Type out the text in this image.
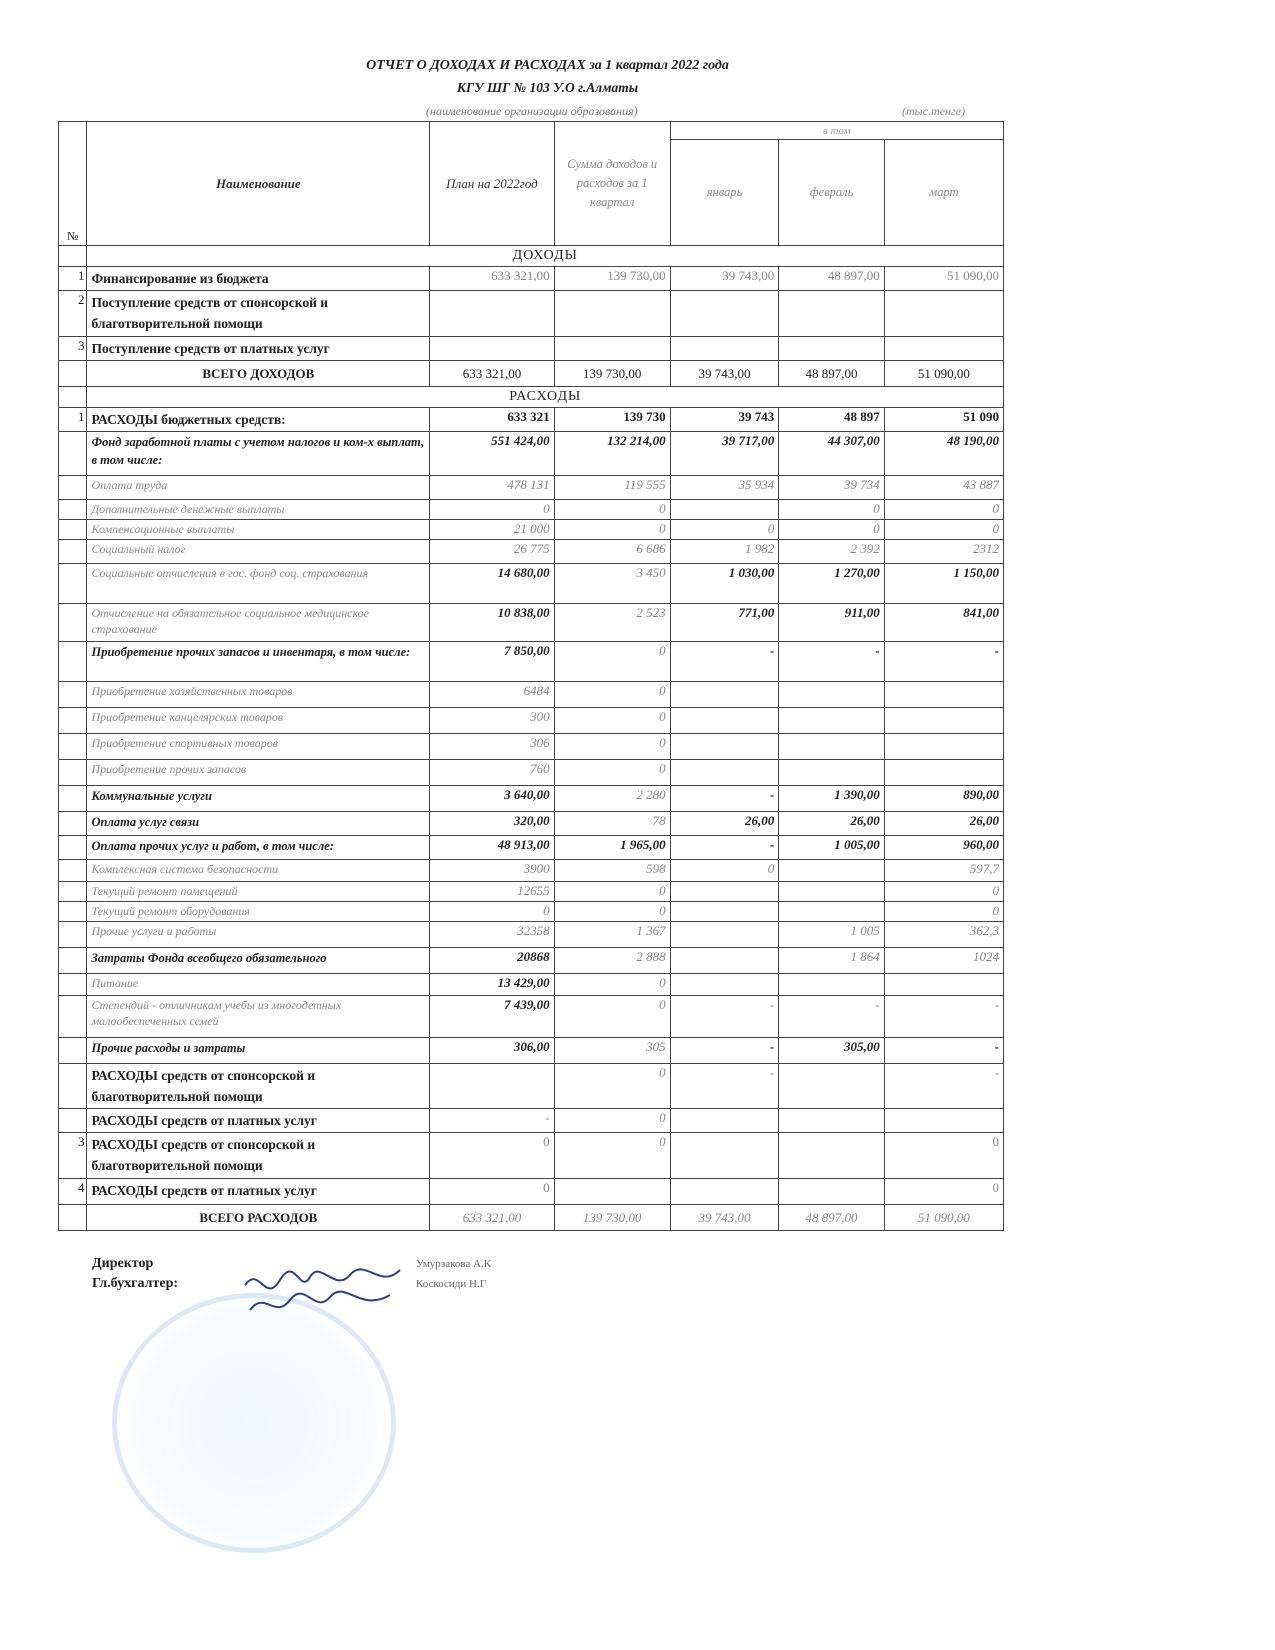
ОТЧЕТ О ДОХОДАХ И РАСХОДАХ за 1 квартал 2022 года
КГУ ШГ № 103 У.О г.Алматы
(наименование организации образования)	(тыс.тенге)
№	Наименование	План на 2022год	Сумма доходов и расходов за 1 квартал	в том		
				январь	февраль	март
	ДОХОДЫ					
1	Финансирование из бюджета	633 321,00	139 730,00	39 743,00	48 897,00	51 090,00
2	Поступление средств от спонсорской и благотворительной помощи					
3	Поступление средств от платных услуг					
	ВСЕГО ДОХОДОВ	633 321,00	139 730,00	39 743,00	48 897,00	51 090,00
	РАСХОДЫ					
1	РАСХОДЫ бюджетных средств:	633 321	139 730	39 743	48 897	51 090
	Фонд заработной платы с учетом налогов и ком-х выплат, в том числе:	551 424,00	132 214,00	39 717,00	44 307,00	48 190,00
	Оплата труда	478 131	119 555	35 934	39 734	43 887
	Дополнительные денежные выплаты	0	0		0	0
	Компенсационные выплаты	21 000	0	0	0	0
	Социальный налог	26 775	6 686	1 982	2 392	2312
	Социальные отчисления в гос. фонд соц. страхования	14 680,00	3 450	1 030,00	1 270,00	1 150,00
	Отчисление на обязательное социальное медицинское страхование	10 838,00	2 523	771,00	911,00	841,00
	Приобретение прочих запасов и инвентаря, в том числе:	7 850,00	0	-	-	-
	Приобретение хозяйственных товаров	6484	0			
	Приобретение канцелярских товаров	300	0			
	Приобретение спортивных товаров	306	0			
	Приобретение прочих запасов	760	0			
	Коммунальные услуги	3 640,00	2 280	-	1 390,00	890,00
	Оплата услуг связи	320,00	78	26,00	26,00	26,00
	Оплата прочих услуг и работ, в том числе:	48 913,00	1 965,00	-	1 005,00	960,00
	Комплексная система безопасности	3900	598	0		597,7
	Текущий ремонт помещений	12655	0			0
	Текущий ремонт оборудования	0	0			0
	Прочие услуги и работы	32358	1 367		1 005	362,3
	Затраты Фонда всеобщего обязательного	20868	2 888		1 864	1024
	Питание	13 429,00	0			
	Степендий - отличникам учебы из многодетных малообеспеченных семей	7 439,00	0	-	-	-
	Прочие расходы и затраты	306,00	305	-	305,00	-
	РАСХОДЫ средств от спонсорской и благотворительной помощи		0	-		-
	РАСХОДЫ средств от платных услуг	-	0			
3	РАСХОДЫ средств от спонсорской и благотворительной помощи	0	0			0
4	РАСХОДЫ средств от платных услуг	0				0
	ВСЕГО РАСХОДОВ	633 321,00	139 730,00	39 743,00	48 897,00	51 090,00
Директор
Гл.бухгалтер:
Умурзакова А.К
Коскосиди Н.Г
